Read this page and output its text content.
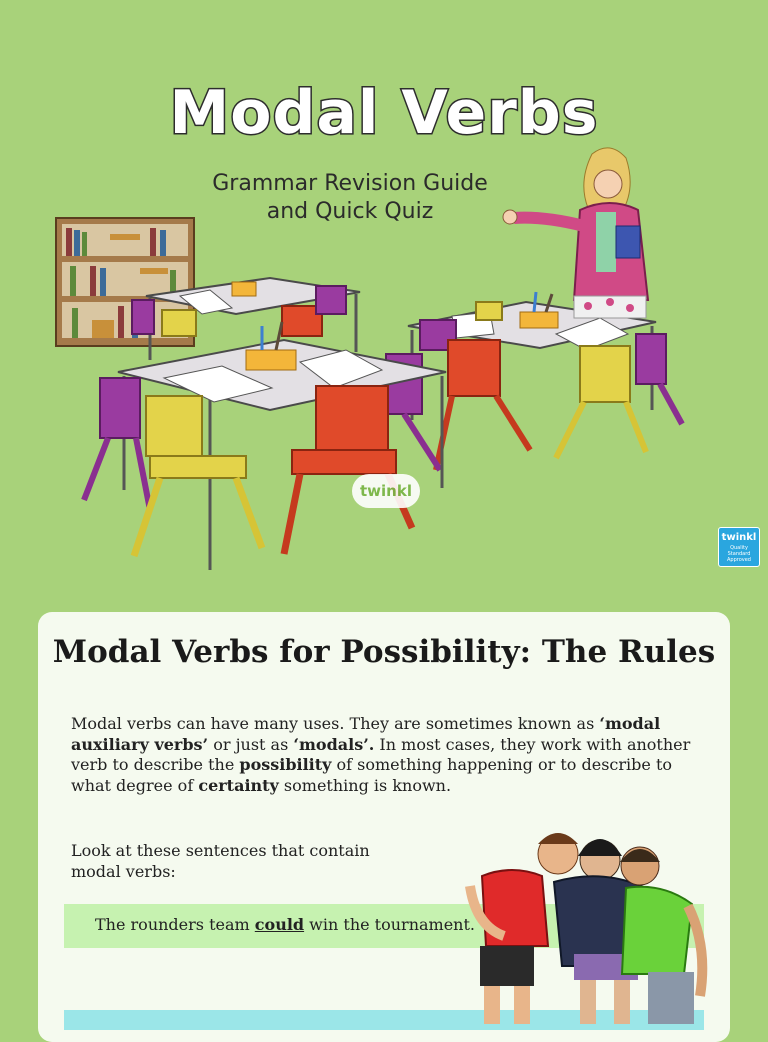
Modal Verbs
Grammar Revision Guide
and Quick Quiz
twinkl
twinkl
Quality Standard Approved
Modal Verbs for Possibility: The Rules

Modal verbs can have many uses. They are sometimes known as ‘modal auxiliary verbs’ or just as ‘modals’. In most cases, they work with another verb to describe the possibility of something happening or to describe to what degree of certainty something is known.

Look at these sentences that contain modal verbs:

The rounders team could win the tournament.
